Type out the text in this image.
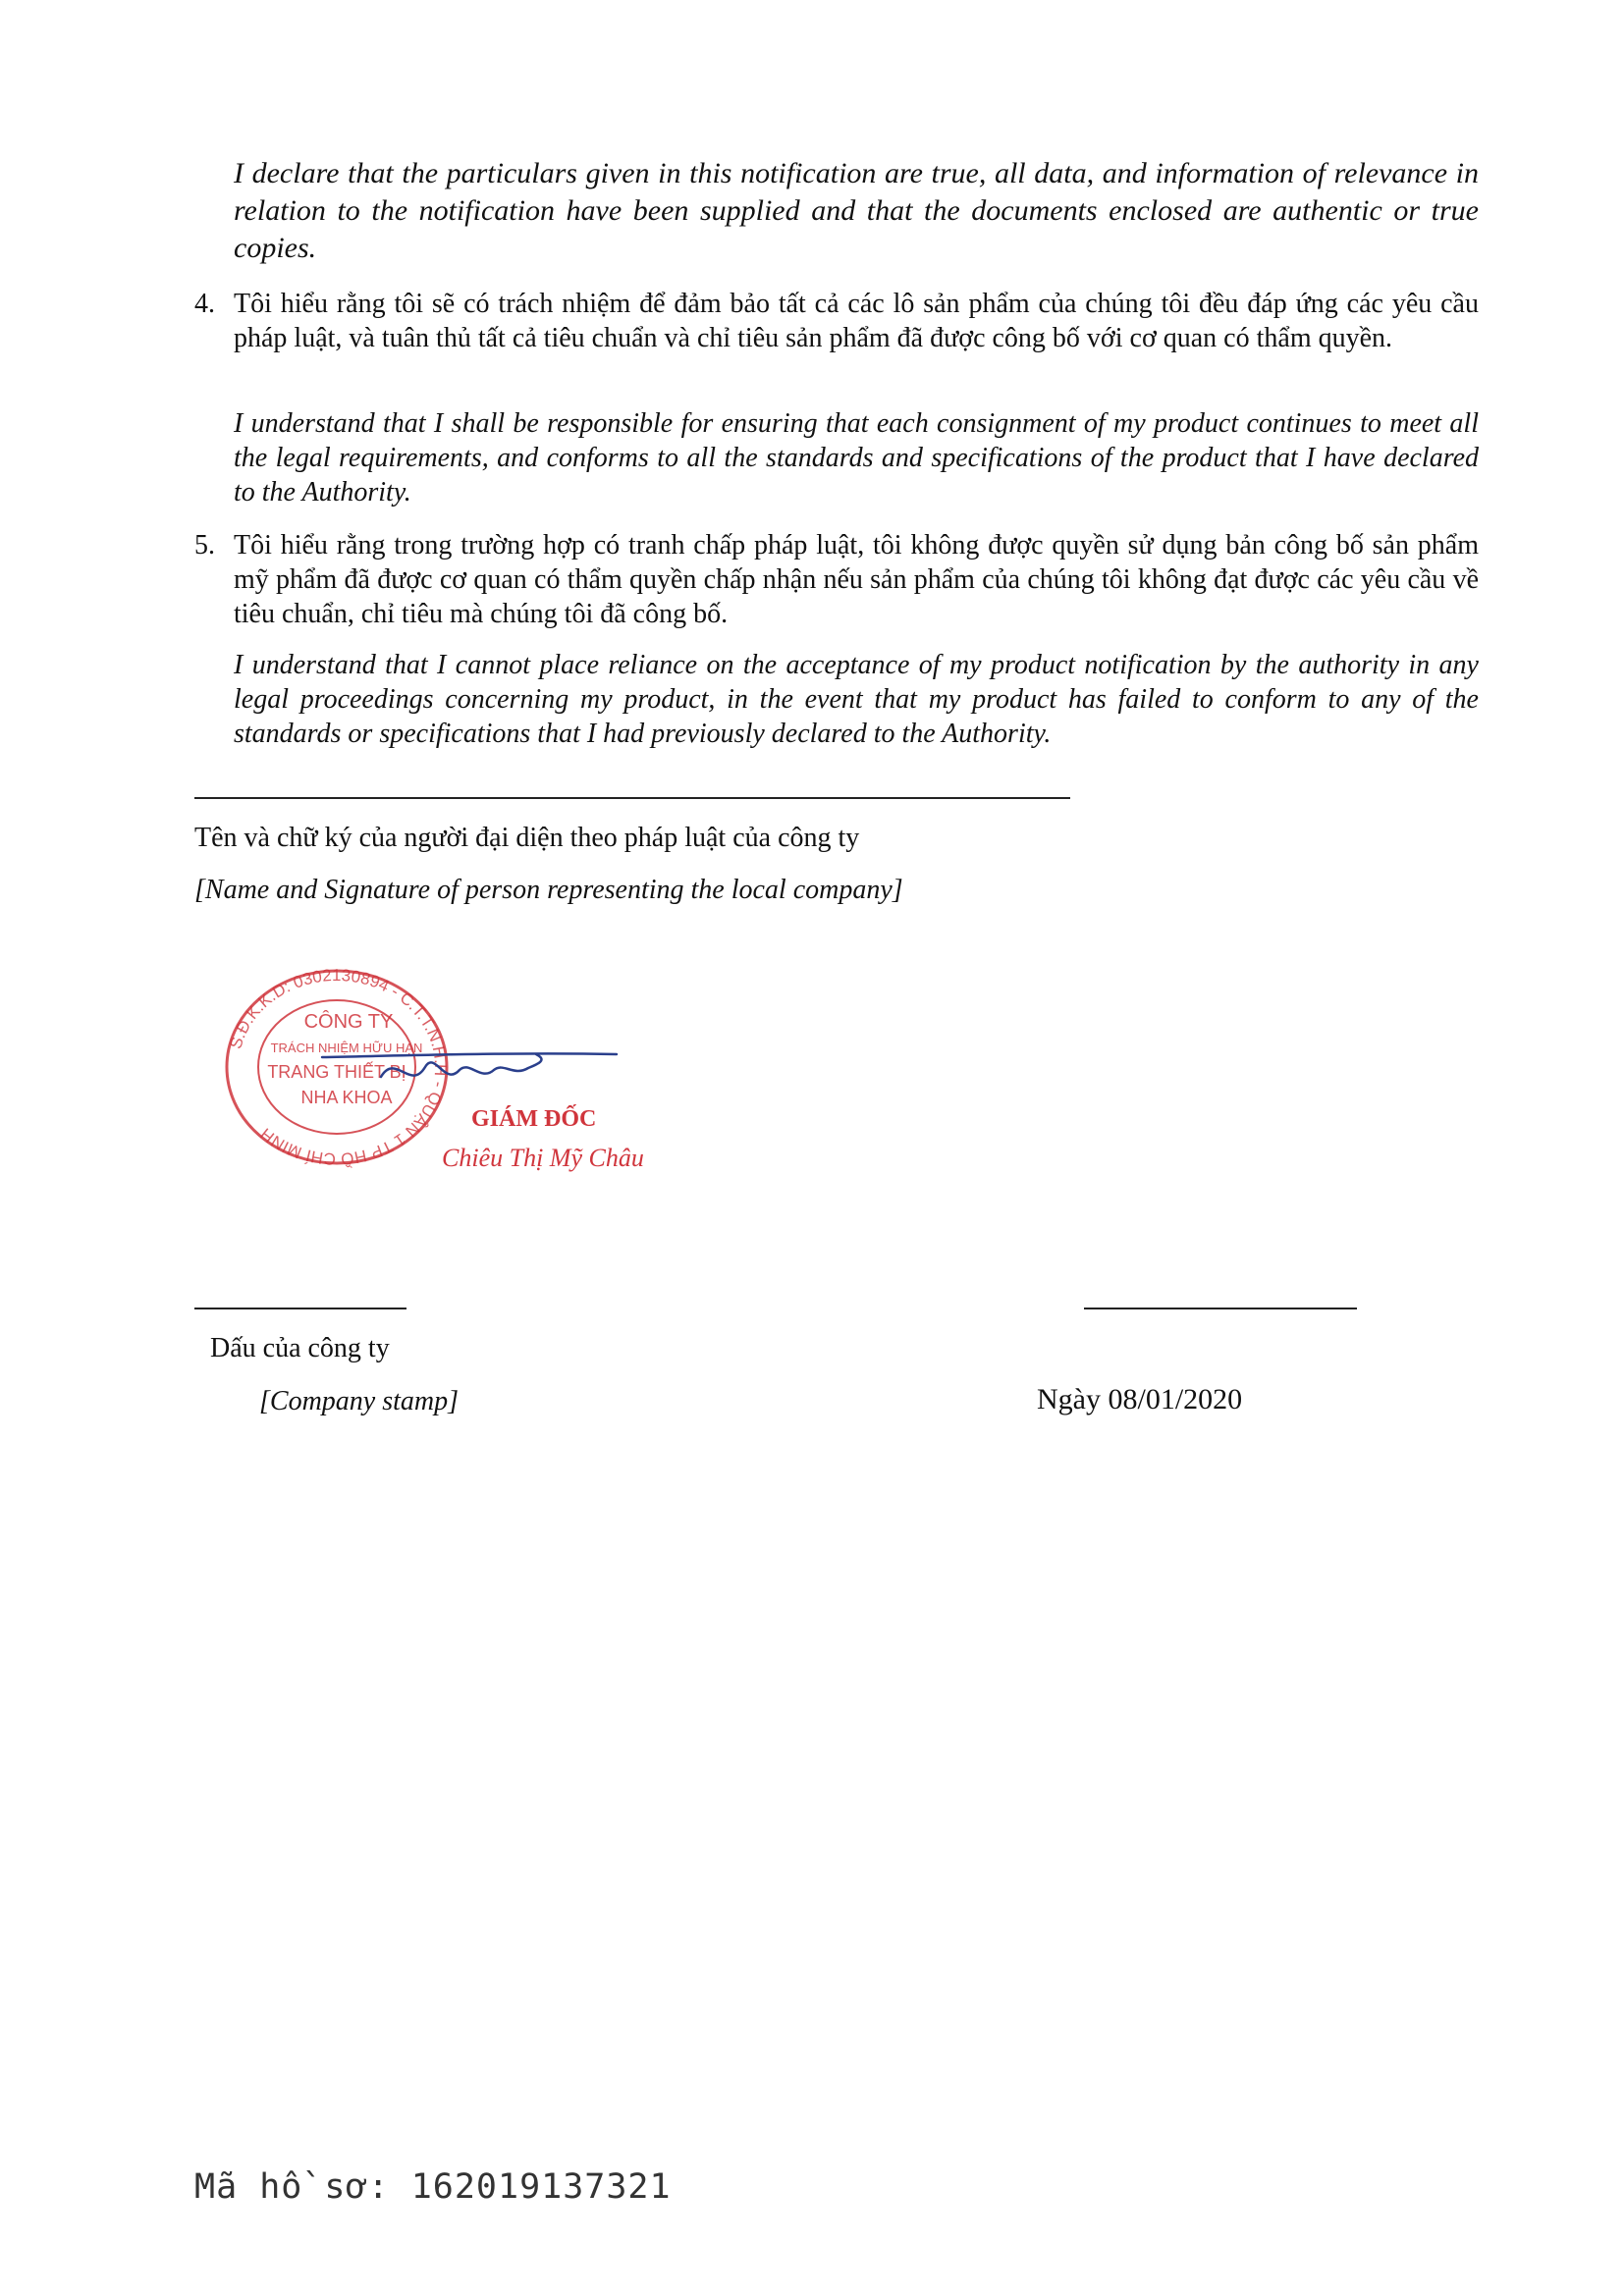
I declare that the particulars given in this notification are true, all data, and information of relevance in relation to the notification have been supplied and that the documents enclosed are authentic or true copies.

4. Tôi hiểu rằng tôi sẽ có trách nhiệm để đảm bảo tất cả các lô sản phẩm của chúng tôi đều đáp ứng các yêu cầu pháp luật, và tuân thủ tất cả tiêu chuẩn và chỉ tiêu sản phẩm đã được công bố với cơ quan có thẩm quyền.

I understand that I shall be responsible for ensuring that each consignment of my product continues to meet all the legal requirements, and conforms to all the standards and specifications of the product that I have declared to the Authority.

5. Tôi hiểu rằng trong trường hợp có tranh chấp pháp luật, tôi không được quyền sử dụng bản công bố sản phẩm mỹ phẩm đã được cơ quan có thẩm quyền chấp nhận nếu sản phẩm của chúng tôi không đạt được các yêu cầu về tiêu chuẩn, chỉ tiêu mà chúng tôi đã công bố.

I understand that I cannot place reliance on the acceptance of my product notification by the authority in any legal proceedings concerning my product, in the event that my product has failed to conform to any of the standards or specifications that I had previously declared to the Authority.

Tên và chữ ký của người đại diện theo pháp luật của công ty
[Name and Signature of person representing the local company]
S.Đ.K.K.D: 0302130894 - C.T.T.N.H.H - QUẬN 1 TP HỒ CHÍ MINH
CÔNG TY
TRÁCH NHIỆM HỮU HẠN
TRANG THIẾT BỊ
NHA KHOA
GIÁM ĐỐC
Chiêu Thị Mỹ Châu
Dấu của công ty
[Company stamp]	Ngày 08/01/2020
Mã hồ sơ: 162019137321
